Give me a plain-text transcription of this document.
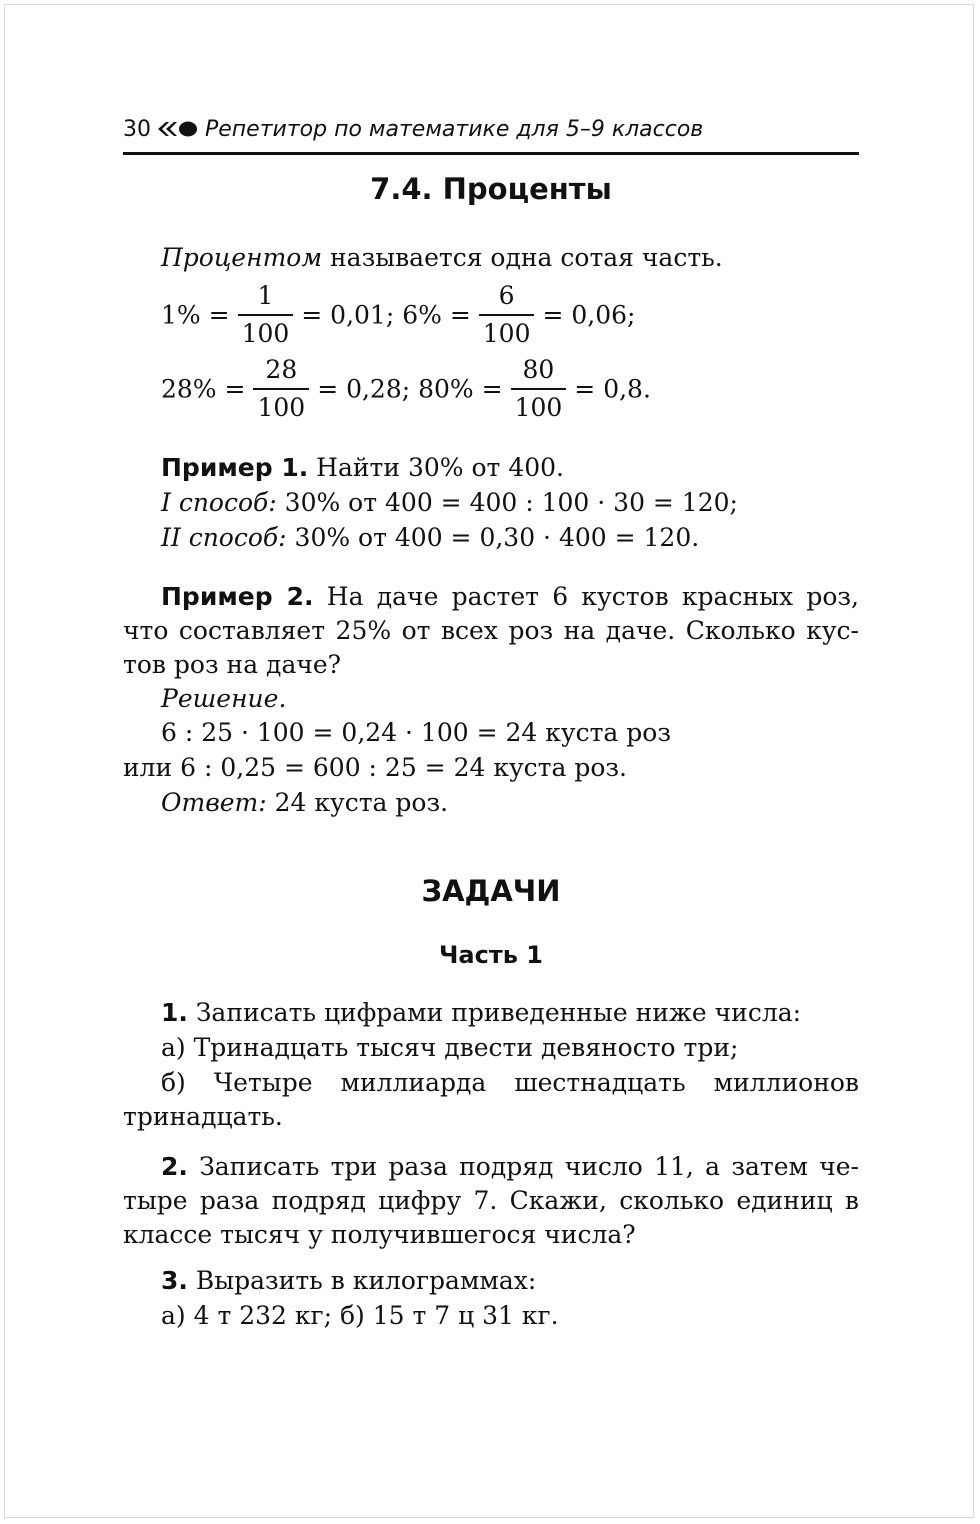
30 Репетитор по математике для 5–9 классов
7.4. Проценты
Процентом называется одна сотая часть.
$1\% = \frac{1}{100} = 0,01$; $6\% = \frac{6}{100} = 0,06$;
$28\% = \frac{28}{100} = 0,28$; $80\% = \frac{80}{100} = 0,8$.
Пример 1. Найти 30% от 400.
I способ: 30% от 400 = 400 : 100 · 30 = 120;
II способ: 30% от 400 = 0,30 · 400 = 120.
Пример 2. На даче растет 6 кустов красных роз,
что составляет 25% от всех роз на даче. Сколько кус-
тов роз на даче?
Решение.
6 : 25 · 100 = 0,24 · 100 = 24 куста роз
или 6 : 0,25 = 600 : 25 = 24 куста роз.
Ответ: 24 куста роз.
ЗАДАЧИ
Часть 1
1. Записать цифрами приведенные ниже числа:
а) Тринадцать тысяч двести девяносто три;
б) Четыре миллиарда шестнадцать миллионов
тринадцать.
2. Записать три раза подряд число 11, а затем че-
тыре раза подряд цифру 7. Скажи, сколько единиц в
классе тысяч у получившегося числа?
3. Выразить в килограммах:
а) 4 т 232 кг; б) 15 т 7 ц 31 кг.
